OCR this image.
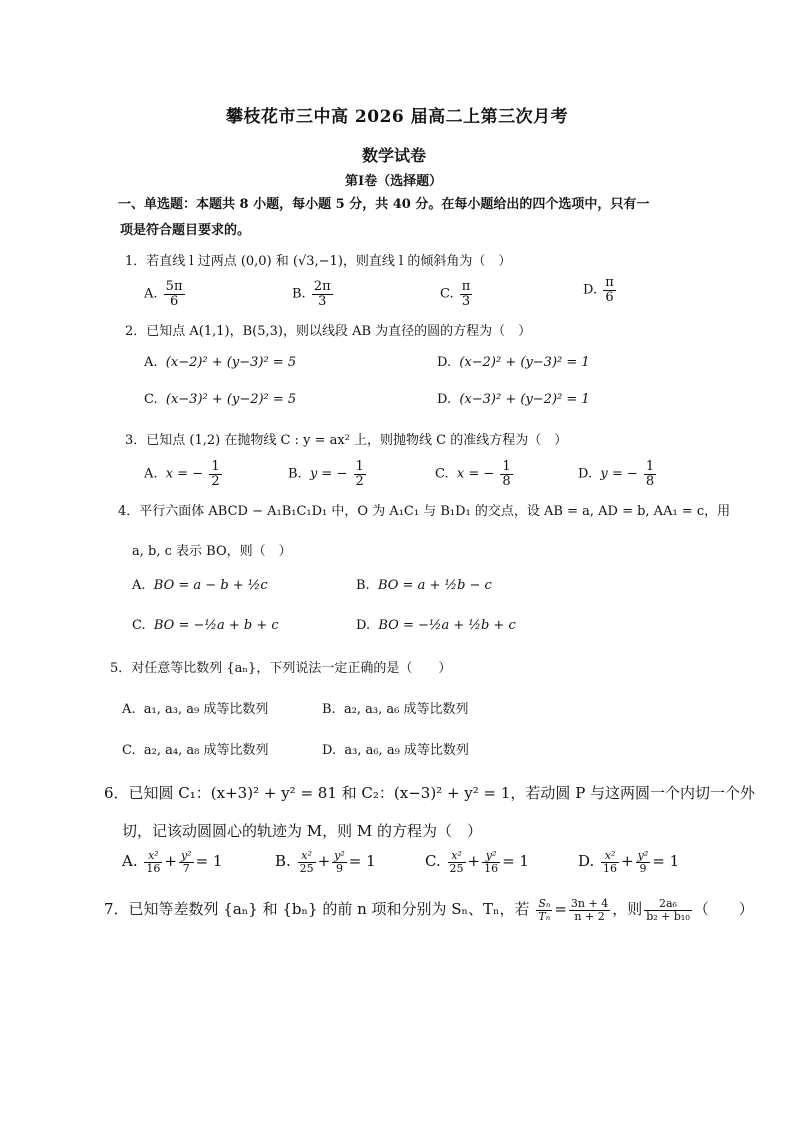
攀枝花市三中高 2026 届高二上第三次月考
数学试卷
第Ⅰ卷（选择题）
一、单选题：本题共 8 小题，每小题 5 分，共 40 分。在每小题给出的四个选项中，只有一
项是符合题目要求的。
1．若直线 l 过两点 (0,0) 和 (√3,−1)，则直线 l 的倾斜角为（　）
A. $\frac{5\pi}{6}$	B. $\frac{2\pi}{3}$	C. $\frac{\pi}{3}$	D. $\frac{\pi}{6}$
2．已知点 A(1,1)，B(5,3)，则以线段 AB 为直径的圆的方程为（　）
A. (x−2)² + (y−3)² = 5	D. (x−2)² + (y−3)² = 1
C. (x−3)² + (y−2)² = 5	D. (x−3)² + (y−2)² = 1
3．已知点 (1,2) 在抛物线 C : y = ax² 上，则抛物线 C 的准线方程为（　）
A. x = − $\frac{1}{2}$	B. y = − $\frac{1}{2}$	C. x = − $\frac{1}{8}$	D. y = − $\frac{1}{8}$
4．平行六面体 ABCD − A₁B₁C₁D₁ 中，O 为 A₁C₁ 与 B₁D₁ 的交点，设 AB = a, AD = b, AA₁ = c，用
a, b, c 表示 BO，则（　）
A. BO = a − b + ½c	B. BO = a + ½b − c
C. BO = −½a + b + c	D. BO = −½a + ½b + c
5．对任意等比数列 {aₙ}，下列说法一定正确的是（　　）
A. a₁, a₃, a₉ 成等比数列	B. a₂, a₃, a₆ 成等比数列
C. a₂, a₄, a₈ 成等比数列	D. a₃, a₆, a₉ 成等比数列
6．已知圆 C₁：(x+3)² + y² = 81 和 C₂：(x−3)² + y² = 1，若动圆 P 与这两圆一个内切一个外
切，记该动圆圆心的轨迹为 M，则 M 的方程为（　）
A. $\frac{\text{x²}}{16} + \frac{\text{y²}}{7} = 1$	B. $\frac{\text{x²}}{25} + \frac{\text{y²}}{9} = 1$	C. $\frac{\text{x²}}{25} + \frac{\text{y²}}{16} = 1$	D. $\frac{\text{x²}}{16} + \frac{\text{y²}}{9} = 1$
7．已知等差数列 {aₙ} 和 {bₙ} 的前 n 项和分别为 Sₙ、Tₙ，若 $\frac{\text{Sₙ}}{\text{Tₙ}} = \frac{3n + 4}{n + 2}$ ，则 $\frac{\text{2a₆}}{\text{b₂ + b₁₀}}$ （　　）
